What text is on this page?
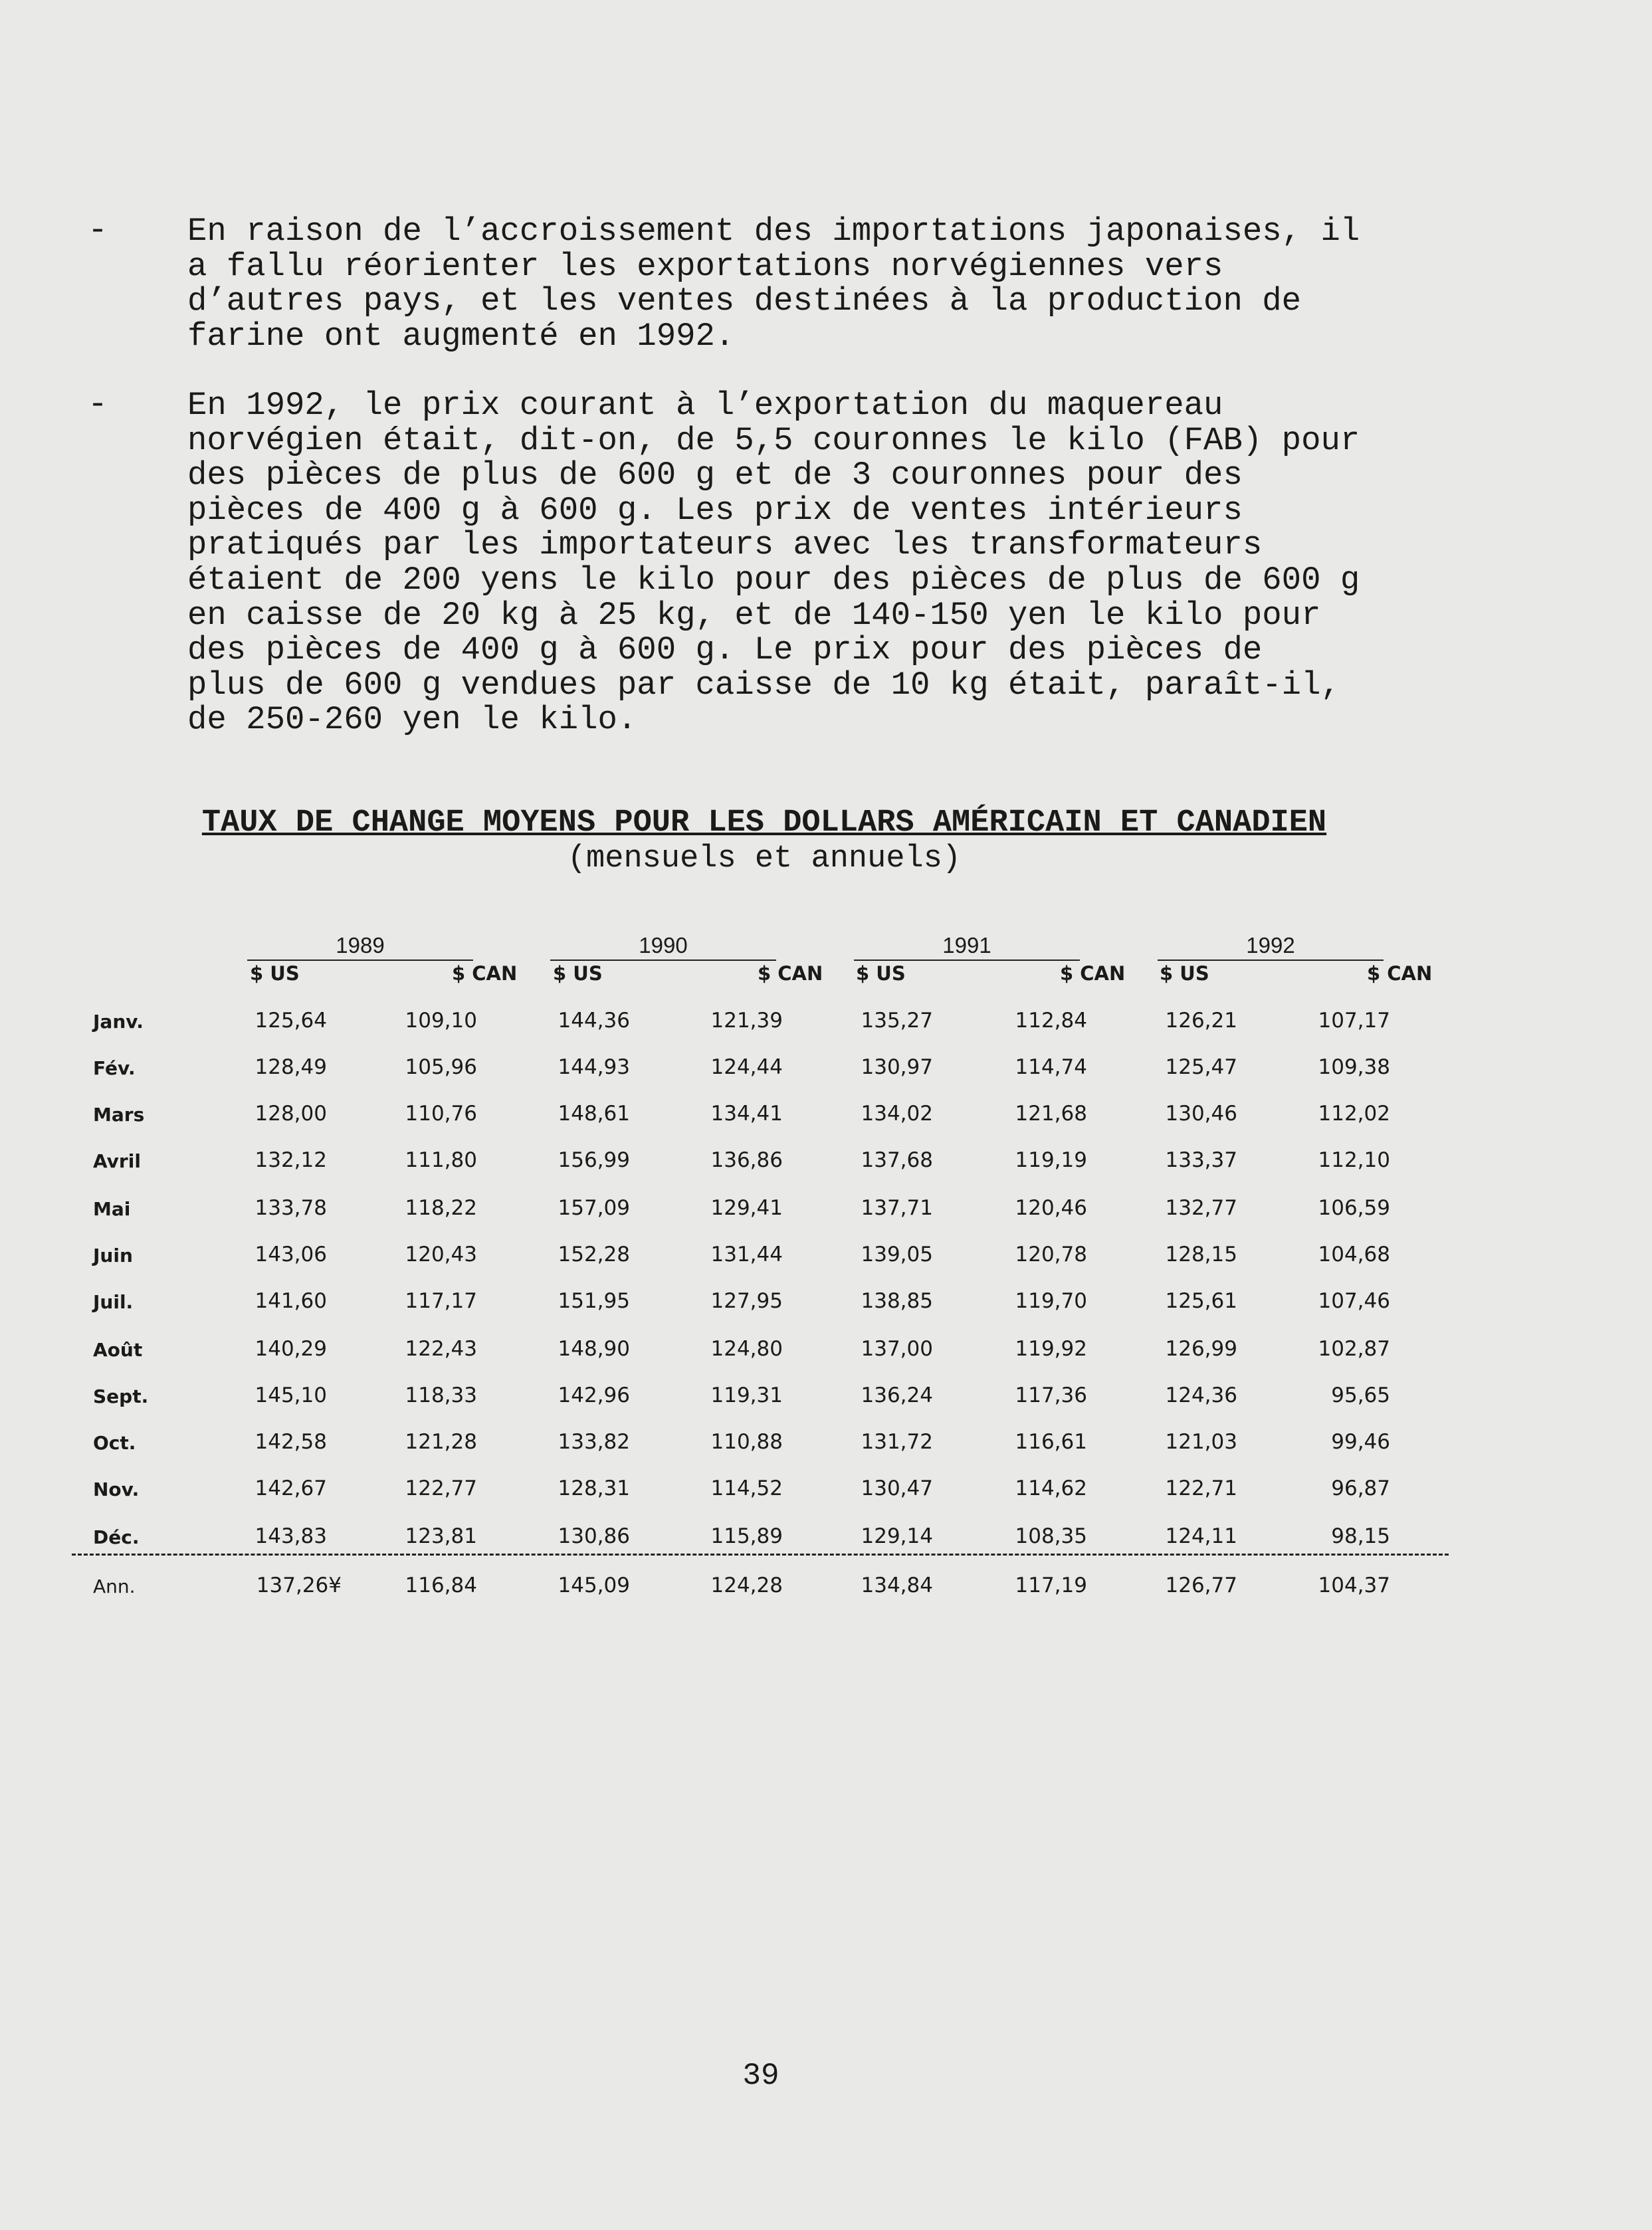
- En raison de l’accroissement des importations japonaises, il
a fallu réorienter les exportations norvégiennes vers
d’autres pays, et les ventes destinées à la production de
farine ont augmenté en 1992.

- En 1992, le prix courant à l’exportation du maquereau
norvégien était, dit-on, de 5,5 couronnes le kilo (FAB) pour
des pièces de plus de 600 g et de 3 couronnes pour des
pièces de 400 g à 600 g. Les prix de ventes intérieurs
pratiqués par les importateurs avec les transformateurs
étaient de 200 yens le kilo pour des pièces de plus de 600 g
en caisse de 20 kg à 25 kg, et de 140-150 yen le kilo pour
des pièces de 400 g à 600 g. Le prix pour des pièces de
plus de 600 g vendues par caisse de 10 kg était, paraît-il,
de 250-260 yen le kilo.

TAUX DE CHANGE MOYENS POUR LES DOLLARS AMÉRICAIN ET CANADIEN
(mensuels et annuels)
1989
$ US	$ CAN
1990
$ US	$ CAN
1991
$ US	$ CAN
1992
$ US	$ CAN
Janv.	125,64	109,10	144,36	121,39	135,27	112,84	126,21	107,17
Fév.	128,49	105,96	144,93	124,44	130,97	114,74	125,47	109,38
Mars	128,00	110,76	148,61	134,41	134,02	121,68	130,46	112,02
Avril	132,12	111,80	156,99	136,86	137,68	119,19	133,37	112,10
Mai	133,78	118,22	157,09	129,41	137,71	120,46	132,77	106,59
Juin	143,06	120,43	152,28	131,44	139,05	120,78	128,15	104,68
Juil.	141,60	117,17	151,95	127,95	138,85	119,70	125,61	107,46
Août	140,29	122,43	148,90	124,80	137,00	119,92	126,99	102,87
Sept.	145,10	118,33	142,96	119,31	136,24	117,36	124,36	95,65
Oct.	142,58	121,28	133,82	110,88	131,72	116,61	121,03	99,46
Nov.	142,67	122,77	128,31	114,52	130,47	114,62	122,71	96,87
Déc.	143,83	123,81	130,86	115,89	129,14	108,35	124,11	98,15
Ann.	137,26¥	116,84	145,09	124,28	134,84	117,19	126,77	104,37
39
